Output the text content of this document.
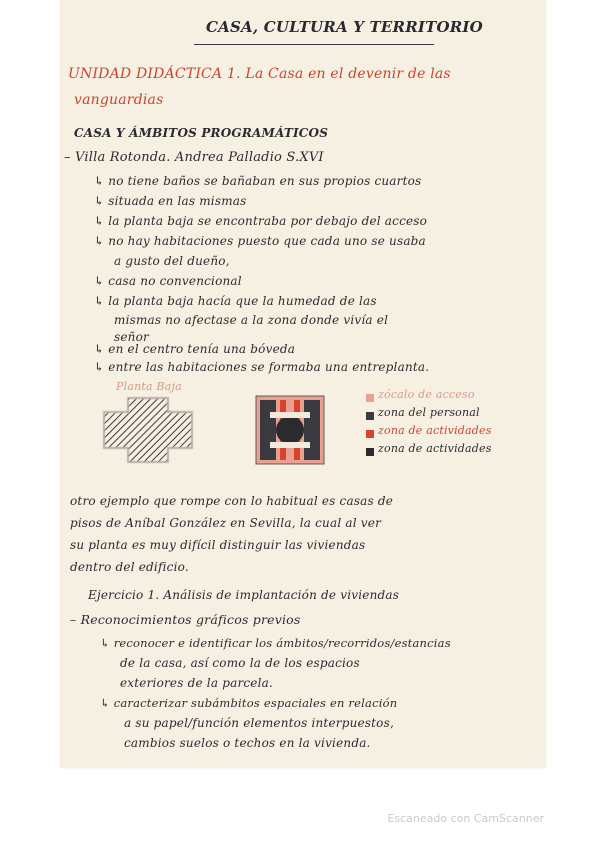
CASA, CULTURA Y TERRITORIO
UNIDAD DIDÁCTICA 1. La Casa en el devenir de las
vanguardias
CASA Y ÁMBITOS PROGRAMÁTICOS
– Villa Rotonda. Andrea Palladio S.XVI
↳ no tiene baños se bañaban en sus propios cuartos
↳ situada en las mismas
↳ la planta baja se encontraba por debajo del acceso
↳ no hay habitaciones puesto que cada uno se usaba
a gusto del dueño,
↳ casa no convencional
↳ la planta baja hacía que la humedad de las
mismas no afectase a la zona donde vivía el
señor
↳ en el centro tenía una bóveda
↳ entre las habitaciones se formaba una entreplanta.
Planta Baja
zócalo de acceso
zona del personal
zona de actividades
zona de actividades
otro ejemplo que rompe con lo habitual es casas de
pisos de Aníbal González en Sevilla, la cual al ver
su planta es muy difícil distinguir las viviendas
dentro del edificio.
Ejercicio 1. Análisis de implantación de viviendas
– Reconocimientos gráficos previos
↳ reconocer e identificar los ámbitos/recorridos/estancias
de la casa, así como la de los espacios
exteriores de la parcela.
↳ caracterizar subámbitos espaciales en relación
a su papel/función elementos interpuestos,
cambios suelos o techos en la vivienda.
Escaneado con CamScanner
